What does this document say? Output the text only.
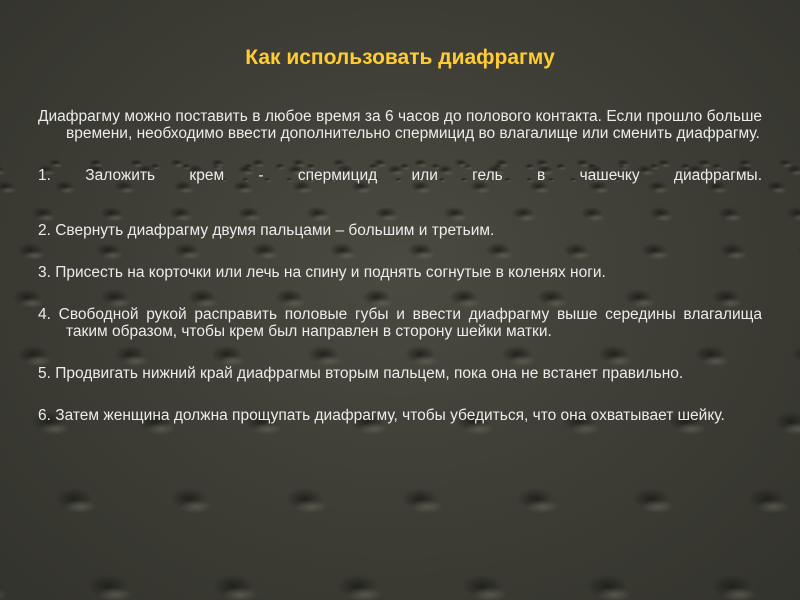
Как использовать диафрагму

Диафрагму можно поставить в любое время за 6 часов до полового контакта. Если прошло больше времени, необходимо ввести дополнительно спермицид во влагалище или сменить диафрагму.

1. Заложить крем - спермицид или гель в чашечку диафрагмы.

2. Свернуть диафрагму двумя пальцами – большим и третьим.

3. Присесть на корточки или лечь на спину и поднять согнутые в коленях ноги.

4. Свободной рукой расправить половые губы и ввести диафрагму выше середины влагалища таким образом, чтобы крем был направлен в сторону шейки матки.

5. Продвигать нижний край диафрагмы вторым пальцем, пока она не встанет правильно.

6. Затем женщина должна прощупать диафрагму, чтобы убедиться, что она охватывает шейку.
